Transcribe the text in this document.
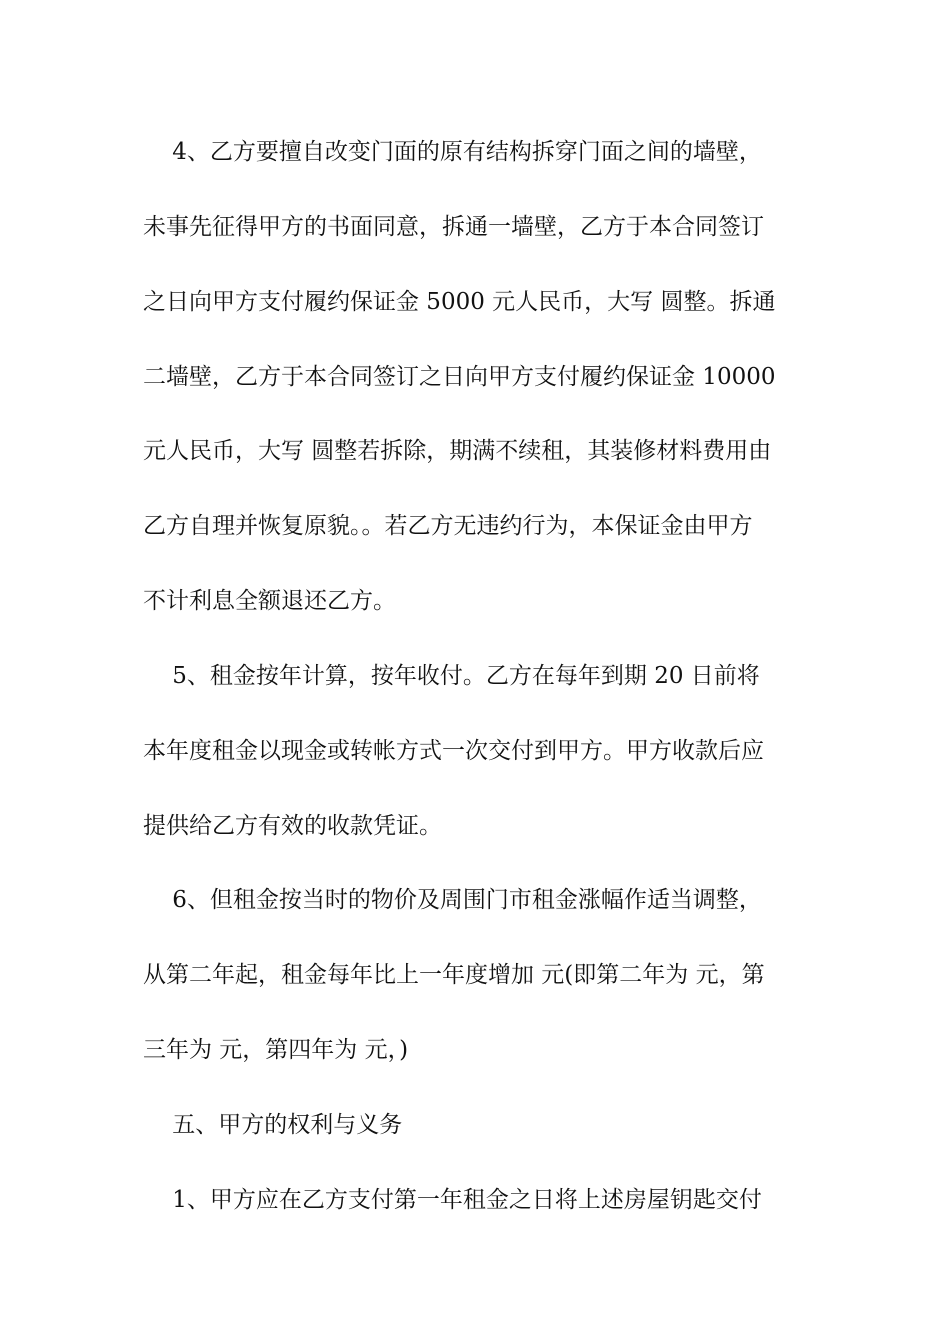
4、乙方要擅自改变门面的原有结构拆穿门面之间的墙壁，
未事先征得甲方的书面同意，拆通一墙壁，乙方于本合同签订
之日向甲方支付履约保证金 5000 元人民币，大写 圆整。拆通
二墙壁，乙方于本合同签订之日向甲方支付履约保证金 10000
元人民币，大写 圆整若拆除，期满不续租，其装修材料费用由
乙方自理并恢复原貌。。若乙方无违约行为，本保证金由甲方
不计利息全额退还乙方。
5、租金按年计算，按年收付。乙方在每年到期 20 日前将
本年度租金以现金或转帐方式一次交付到甲方。甲方收款后应
提供给乙方有效的收款凭证。
6、但租金按当时的物价及周围门市租金涨幅作适当调整，
从第二年起，租金每年比上一年度增加 元(即第二年为 元，第
三年为 元，第四年为 元，)
五、甲方的权利与义务
1、甲方应在乙方支付第一年租金之日将上述房屋钥匙交付
